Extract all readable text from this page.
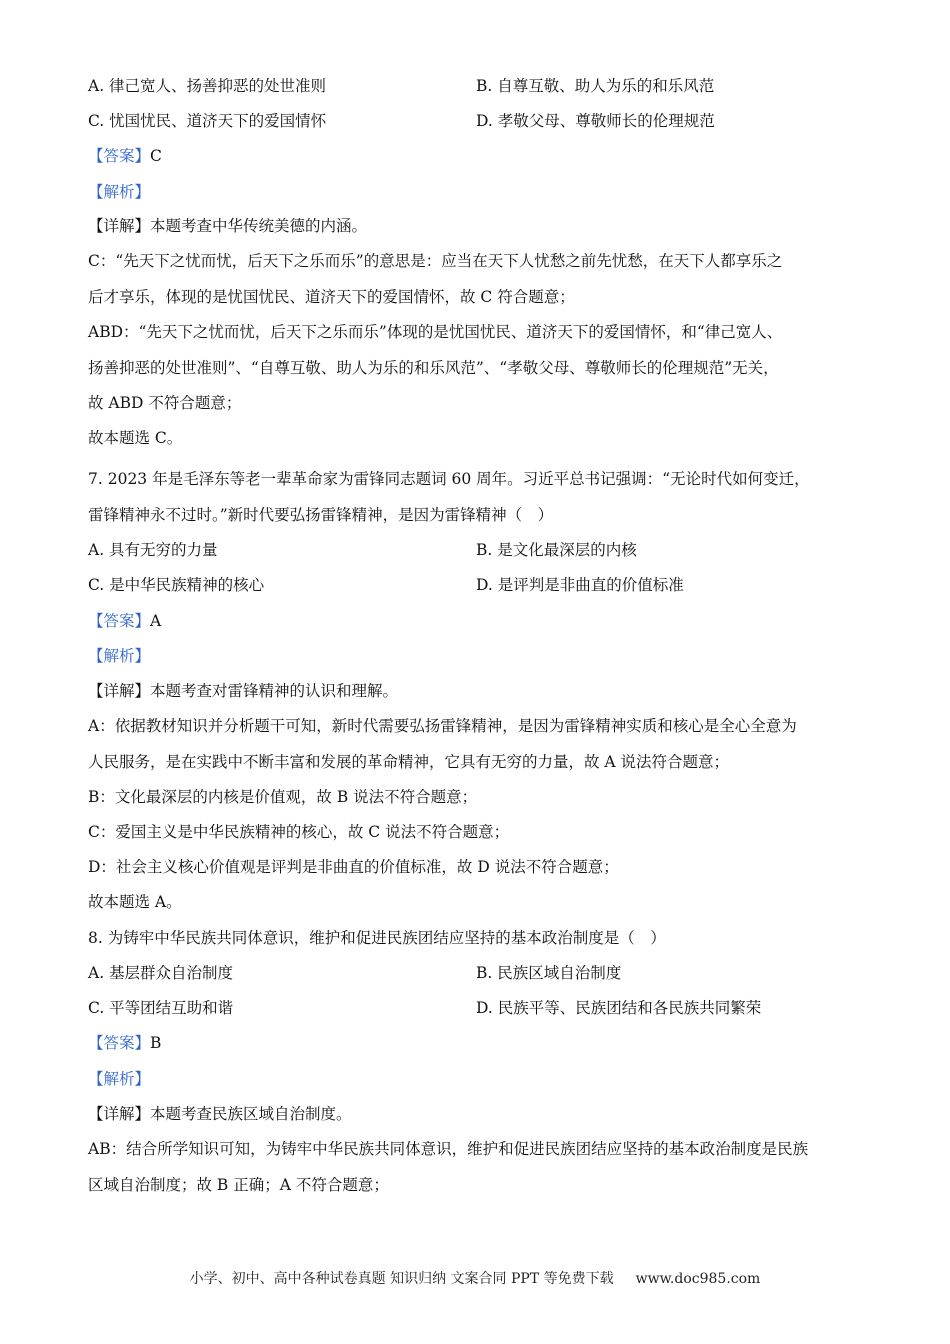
A. 律己宽人、扬善抑恶的处世准则	B. 自尊互敬、助人为乐的和乐风范
C. 忧国忧民、道济天下的爱国情怀	D. 孝敬父母、尊敬师长的伦理规范
【答案】C
【解析】
【详解】本题考查中华传统美德的内涵。
C：“先天下之忧而忧，后天下之乐而乐”的意思是：应当在天下人忧愁之前先忧愁，在天下人都享乐之
后才享乐，体现的是忧国忧民、道济天下的爱国情怀，故 C 符合题意；
ABD：“先天下之忧而忧，后天下之乐而乐”体现的是忧国忧民、道济天下的爱国情怀，和“律己宽人、
扬善抑恶的处世准则”、“自尊互敬、助人为乐的和乐风范”、“孝敬父母、尊敬师长的伦理规范”无关，
故 ABD 不符合题意；
故本题选 C。
7. 2023 年是毛泽东等老一辈革命家为雷锋同志题词 60 周年。习近平总书记强调：“无论时代如何变迁，
雷锋精神永不过时。”新时代要弘扬雷锋精神，是因为雷锋精神（　）
A. 具有无穷的力量	B. 是文化最深层的内核
C. 是中华民族精神的核心	D. 是评判是非曲直的价值标准
【答案】A
【解析】
【详解】本题考查对雷锋精神的认识和理解。
A：依据教材知识并分析题干可知，新时代需要弘扬雷锋精神，是因为雷锋精神实质和核心是全心全意为
人民服务，是在实践中不断丰富和发展的革命精神，它具有无穷的力量，故 A 说法符合题意；
B：文化最深层的内核是价值观，故 B 说法不符合题意；
C：爱国主义是中华民族精神的核心，故 C 说法不符合题意；
D：社会主义核心价值观是评判是非曲直的价值标准，故 D 说法不符合题意；
故本题选 A。
8. 为铸牢中华民族共同体意识，维护和促进民族团结应坚持的基本政治制度是（　）
A. 基层群众自治制度	B. 民族区域自治制度
C. 平等团结互助和谐	D. 民族平等、民族团结和各民族共同繁荣
【答案】B
【解析】
【详解】本题考查民族区域自治制度。
AB：结合所学知识可知，为铸牢中华民族共同体意识，维护和促进民族团结应坚持的基本政治制度是民族
区域自治制度；故 B 正确；A 不符合题意；
小学、初中、高中各种试卷真题 知识归纳 文案合同 PPT 等免费下载 www.doc985.com
